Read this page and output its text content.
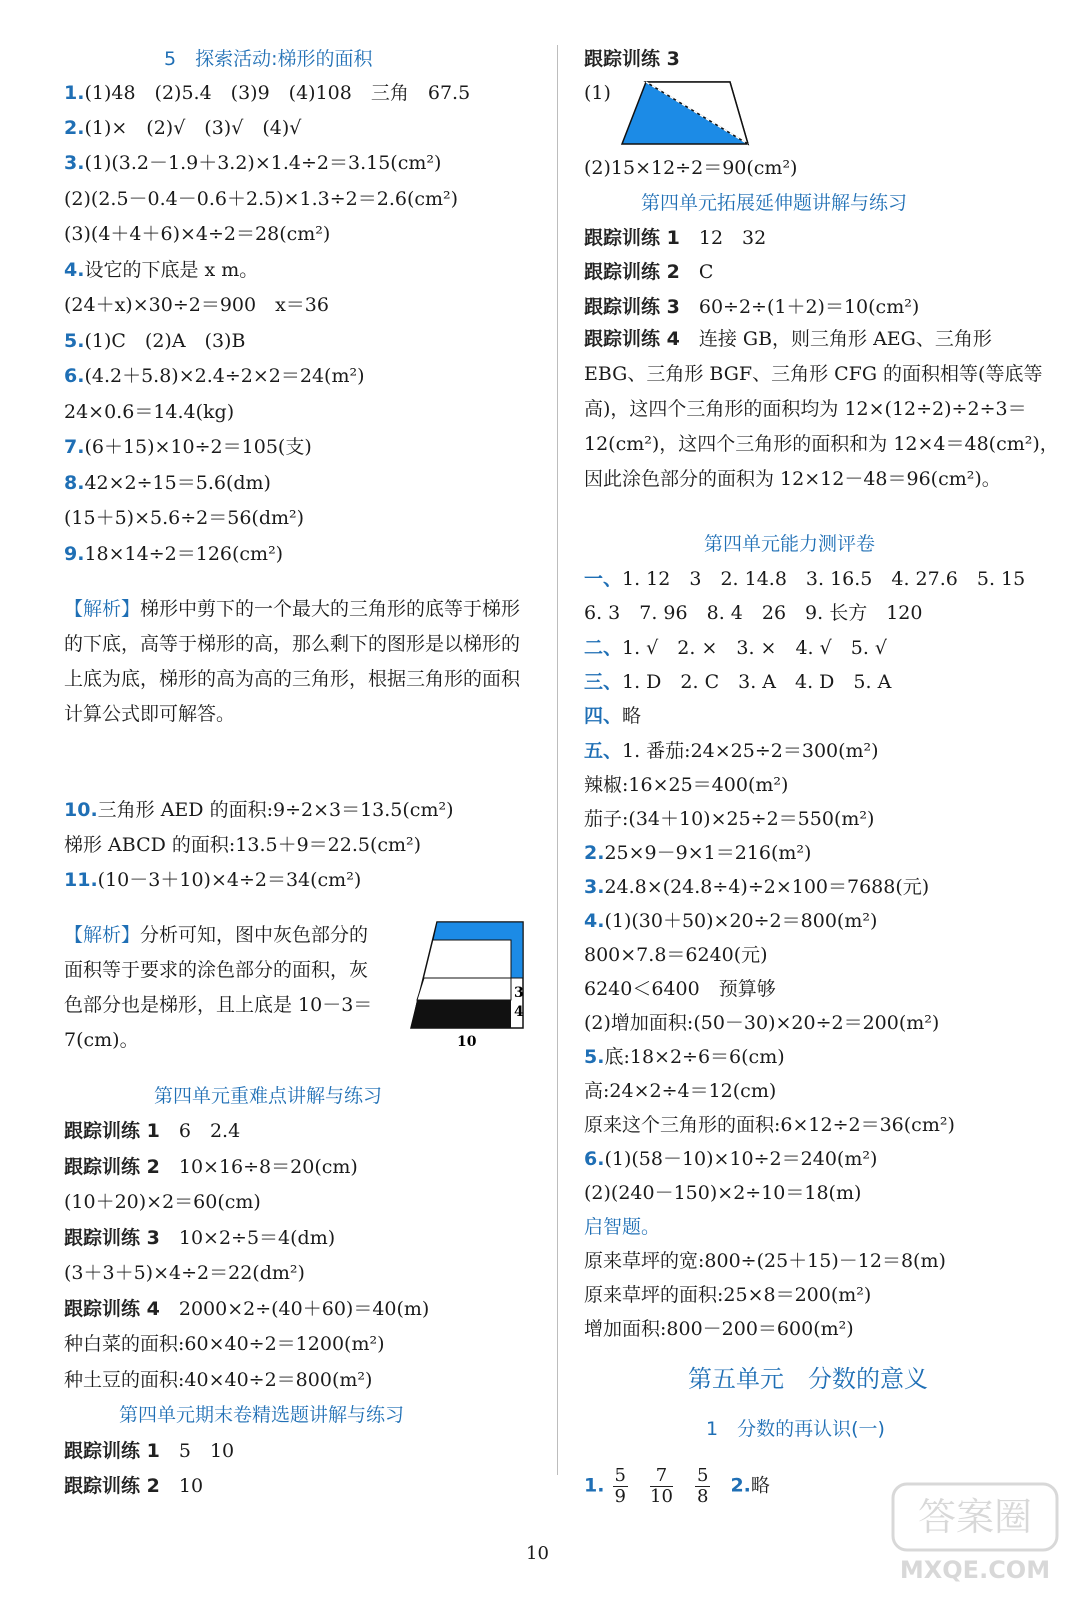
5　探索活动:梯形的面积
1.(1)48　(2)5.4　(3)9　(4)108　三角　67.5
2.(1)×　(2)√　(3)√　(4)√
3.(1)(3.2－1.9＋3.2)×1.4÷2＝3.15(cm²)
(2)(2.5－0.4－0.6＋2.5)×1.3÷2＝2.6(cm²)
(3)(4＋4＋6)×4÷2＝28(cm²)
4.设它的下底是 x m。
(24＋x)×30÷2＝900　x＝36
5.(1)C　(2)A　(3)B
6.(4.2＋5.8)×2.4÷2×2＝24(m²)
24×0.6＝14.4(kg)
7.(6＋15)×10÷2＝105(支)
8.42×2÷15＝5.6(dm)
(15＋5)×5.6÷2＝56(dm²)
9.18×14÷2＝126(cm²)
【解析】梯形中剪下的一个最大的三角形的底等于梯形的下底，高等于梯形的高，那么剩下的图形是以梯形的上底为底，梯形的高为高的三角形，根据三角形的面积计算公式即可解答。
10.三角形 AED 的面积:9÷2×3＝13.5(cm²)
梯形 ABCD 的面积:13.5＋9＝22.5(cm²)
11.(10－3＋10)×4÷2＝34(cm²)
【解析】分析可知，图中灰色部分的面积等于要求的涂色部分的面积，灰色部分也是梯形，且上底是 10－3＝7(cm)。
3
4
10
第四单元重难点讲解与练习
跟踪训练 1　 6　2.4
跟踪训练 2　 10×16÷8＝20(cm)
(10＋20)×2＝60(cm)
跟踪训练 3　 10×2÷5＝4(dm)
(3＋3＋5)×4÷2＝22(dm²)
跟踪训练 4　 2000×2÷(40＋60)＝40(m)
种白菜的面积:60×40÷2＝1200(m²)
种土豆的面积:40×40÷2＝800(m²)
第四单元期末卷精选题讲解与练习
跟踪训练 1　 5　10
跟踪训练 2　 10
跟踪训练 3
(1)
(2)15×12÷2＝90(cm²)
第四单元拓展延伸题讲解与练习
跟踪训练 1　 12　32
跟踪训练 2　 C
跟踪训练 3　 60÷2÷(1＋2)＝10(cm²)
跟踪训练 4　 连接 GB，则三角形 AEG、三角形 EBG、三角形 BGF、三角形 CFG 的面积相等(等底等高)，这四个三角形的面积均为 12×(12÷2)÷2÷3＝12(cm²)，这四个三角形的面积和为 12×4＝48(cm²)，因此涂色部分的面积为 12×12－48＝96(cm²)。
第四单元能力测评卷
一、1. 12　3　2. 14.8　3. 16.5　4. 27.6　5. 15
6. 3　7. 96　8. 4　26　9. 长方　120
二、1. √　2. ×　3. ×　4. √　5. √
三、1. D　2. C　3. A　4. D　5. A
四、略
五、1. 番茄:24×25÷2＝300(m²)
辣椒:16×25＝400(m²)
茄子:(34＋10)×25÷2＝550(m²)
2.25×9－9×1＝216(m²)
3.24.8×(24.8÷4)÷2×100＝7688(元)
4.(1)(30＋50)×20÷2＝800(m²)
800×7.8＝6240(元)
6240＜6400　预算够
(2)增加面积:(50－30)×20÷2＝200(m²)
5.底:18×2÷6＝6(cm)
高:24×2÷4＝12(cm)
原来这个三角形的面积:6×12÷2＝36(cm²)
6.(1)(58－10)×10÷2＝240(m²)
(2)(240－150)×2÷10＝18(m)
启智题。
原来草坪的宽:800÷(25＋15)－12＝8(m)
原来草坪的面积:25×8＝200(m²)
增加面积:800－200＝600(m²)
第五单元　分数的意义
1　分数的再认识(一)
1. $\frac{5}{9}$
$\frac{7}{10}$
$\frac{5}{8} 2$.略
10
答案圈
MXQE.COM
